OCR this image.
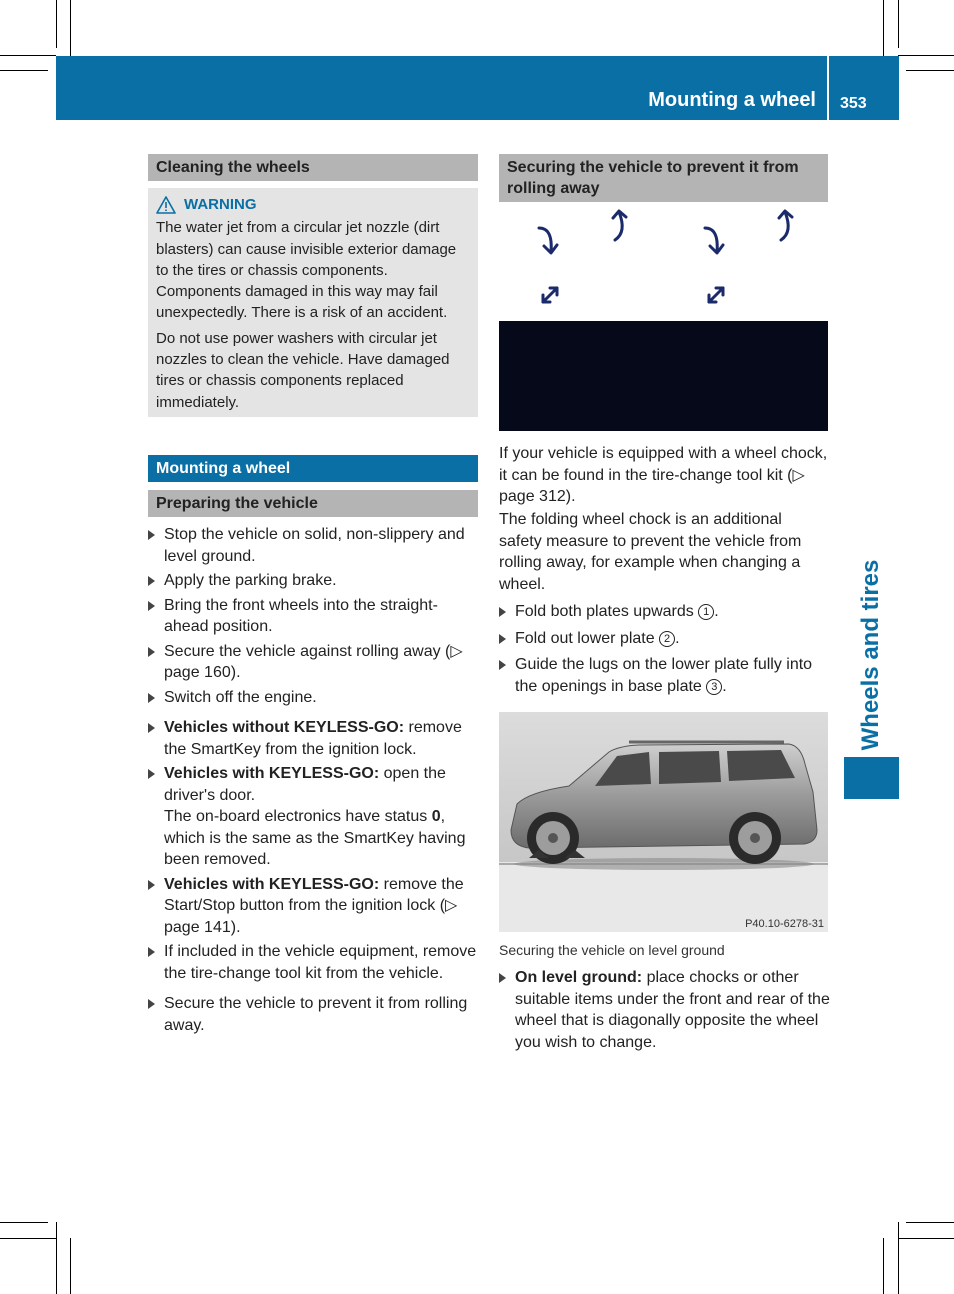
Mounting a wheel 353
Wheels and tires
Cleaning the wheels
WARNING

The water jet from a circular jet nozzle (dirt blasters) can cause invisible exterior damage to the tires or chassis components. Components damaged in this way may fail unexpectedly. There is a risk of an accident.

Do not use power washers with circular jet nozzles to clean the vehicle. Have damaged tires or chassis components replaced immediately.

Mounting a wheel
Preparing the vehicle
Stop the vehicle on solid, non-slippery and level ground.
Apply the parking brake.
Bring the front wheels into the straight-ahead position.
Secure the vehicle against rolling away (▷ page 160).
Switch off the engine.
Vehicles without KEYLESS-GO: remove the SmartKey from the ignition lock.
Vehicles with KEYLESS-GO: open the driver's door.
The on-board electronics have status 0, which is the same as the SmartKey having been removed.
Vehicles with KEYLESS-GO: remove the Start/Stop button from the ignition lock (▷ page 141).
If included in the vehicle equipment, remove the tire-change tool kit from the vehicle.
Secure the vehicle to prevent it from rolling away.
Securing the vehicle to prevent it from rolling away

If your vehicle is equipped with a wheel chock, it can be found in the tire-change tool kit (▷ page 312).

The folding wheel chock is an additional safety measure to prevent the vehicle from rolling away, for example when changing a wheel.

Fold both plates upwards 1 .
Fold out lower plate 2 .
Guide the lugs on the lower plate fully into the openings in base plate 3 .
P40.10-6278-31

Securing the vehicle on level ground

On level ground: place chocks or other suitable items under the front and rear of the wheel that is diagonally opposite the wheel you wish to change.
